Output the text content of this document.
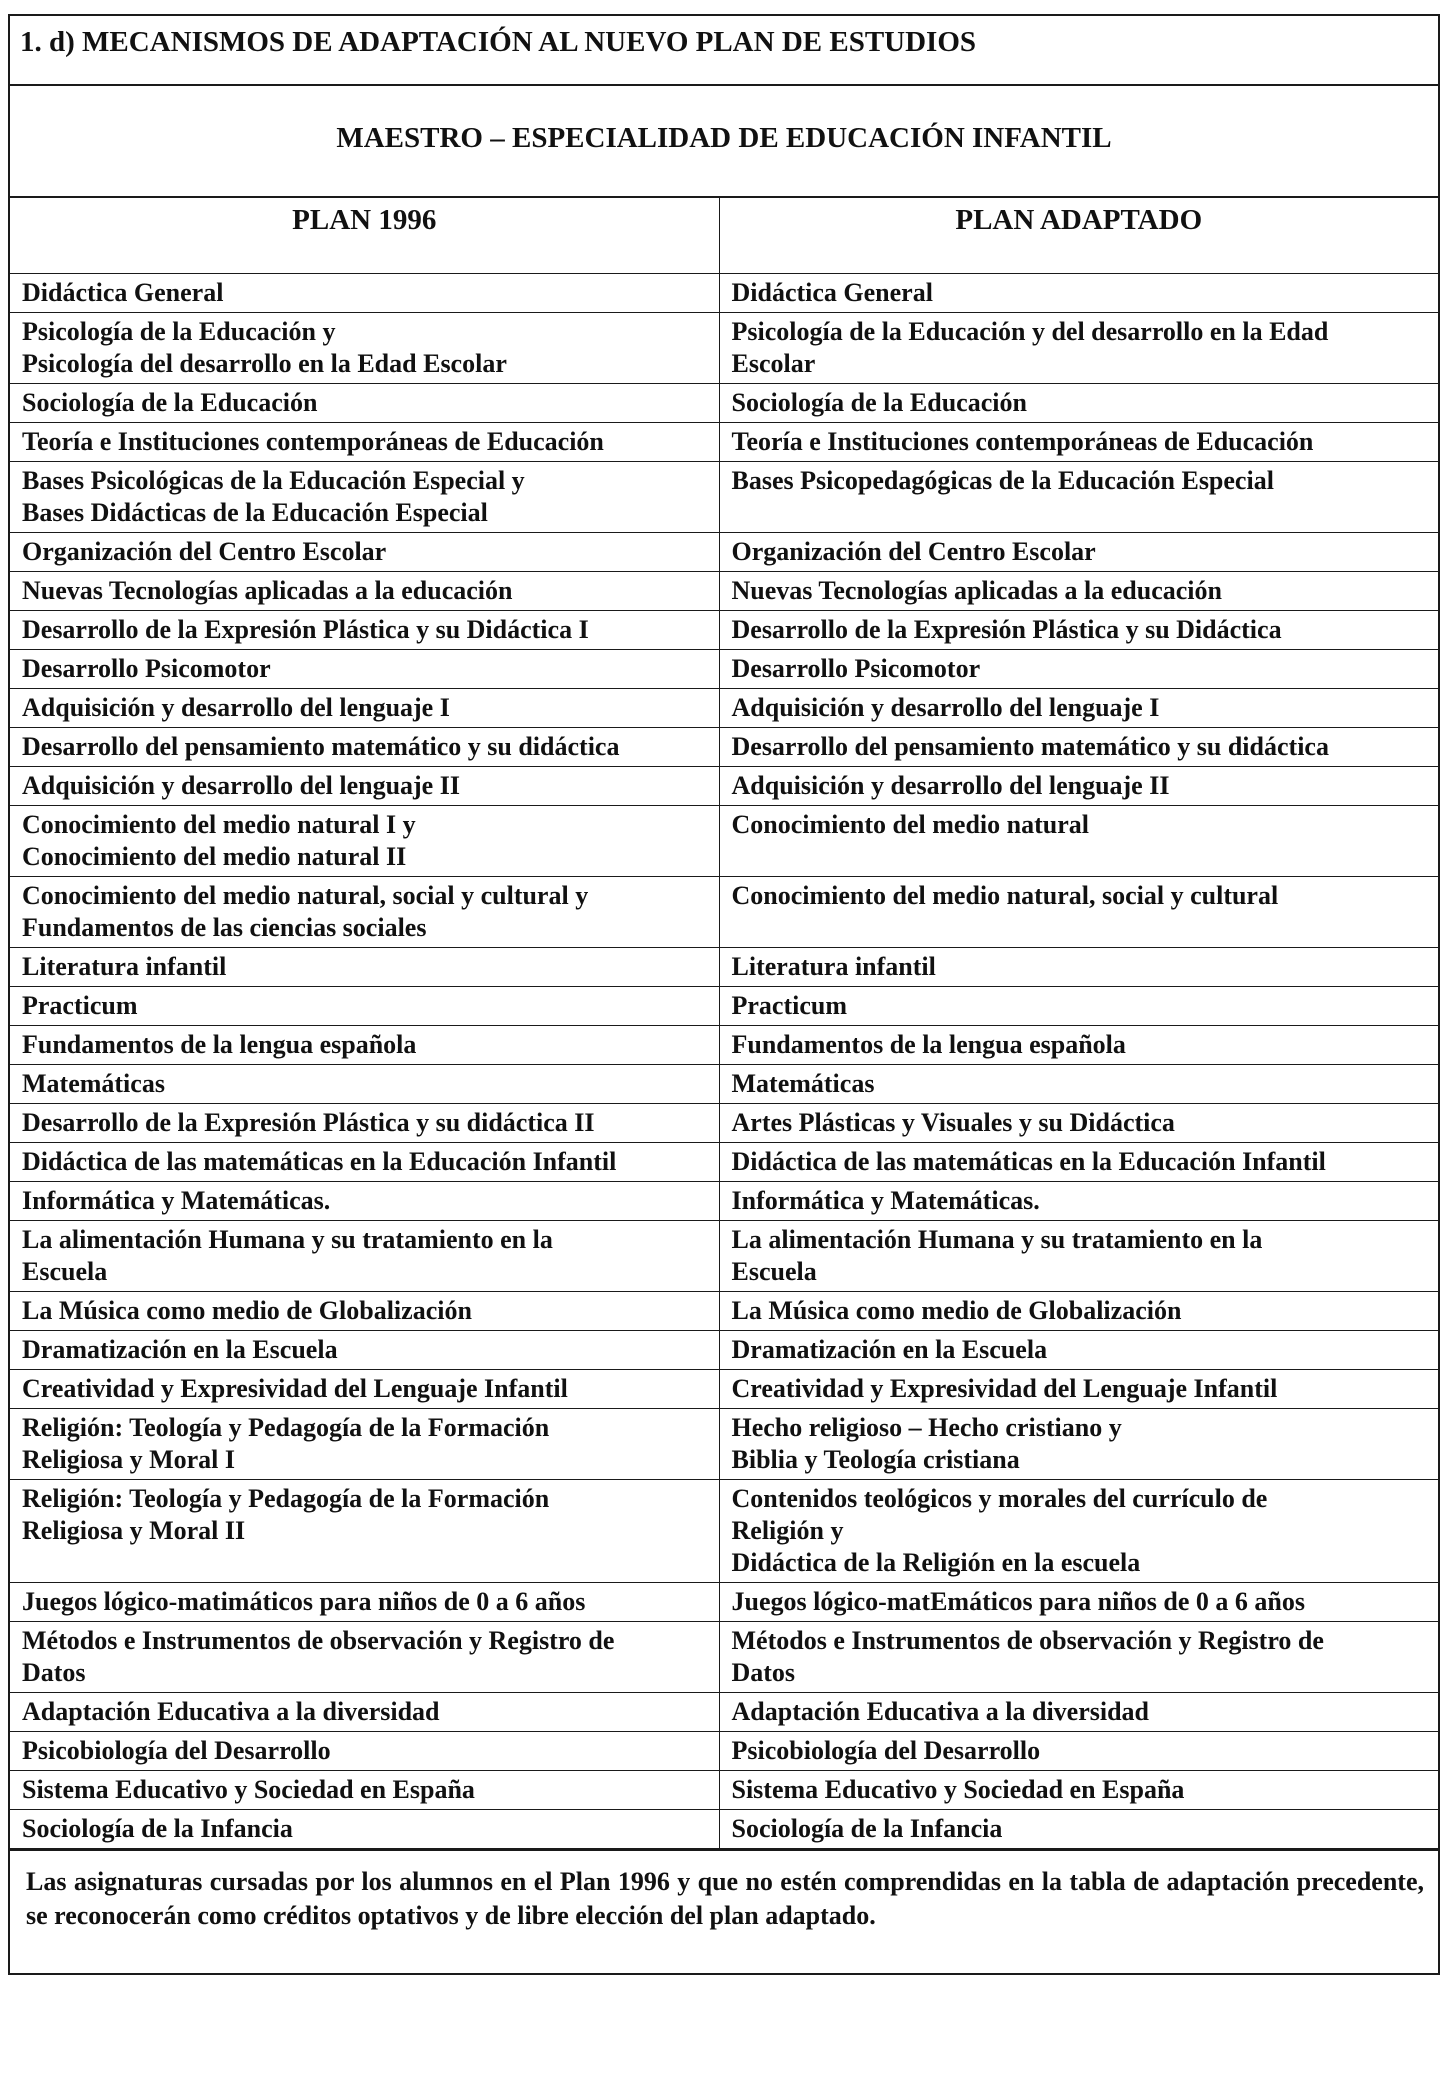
1. d) MECANISMOS DE ADAPTACIÓN AL NUEVO PLAN DE ESTUDIOS
MAESTRO – ESPECIALIDAD DE EDUCACIÓN INFANTIL
PLAN 1996	PLAN ADAPTADO

Didáctica General	Didáctica General

Psicología de la Educación y
Psicología del desarrollo en la Edad Escolar	Psicología de la Educación y del desarrollo en la Edad
Escolar

Sociología de la Educación	Sociología de la Educación

Teoría e Instituciones contemporáneas de Educación	Teoría e Instituciones contemporáneas de Educación

Bases Psicológicas de la Educación Especial y
Bases Didácticas de la Educación Especial	Bases Psicopedagógicas de la Educación Especial

Organización del Centro Escolar	Organización del Centro Escolar

Nuevas Tecnologías aplicadas a la educación	Nuevas Tecnologías aplicadas a la educación

Desarrollo de la Expresión Plástica y su Didáctica I	Desarrollo de la Expresión Plástica y su Didáctica

Desarrollo Psicomotor	Desarrollo Psicomotor

Adquisición y desarrollo del lenguaje I	Adquisición y desarrollo del lenguaje I

Desarrollo del pensamiento matemático y su didáctica	Desarrollo del pensamiento matemático y su didáctica

Adquisición y desarrollo del lenguaje II	Adquisición y desarrollo del lenguaje II

Conocimiento del medio natural I y
Conocimiento del medio natural II	Conocimiento del medio natural

Conocimiento del medio natural, social y cultural y
Fundamentos de las ciencias sociales	Conocimiento del medio natural, social y cultural

Literatura infantil	Literatura infantil

Practicum	Practicum

Fundamentos de la lengua española	Fundamentos de la lengua española

Matemáticas	Matemáticas

Desarrollo de la Expresión Plástica y su didáctica II	Artes Plásticas y Visuales y su Didáctica

Didáctica de las matemáticas en la Educación Infantil	Didáctica de las matemáticas en la Educación Infantil

Informática y Matemáticas.	Informática y Matemáticas.

La alimentación Humana y su tratamiento en la
Escuela	La alimentación Humana y su tratamiento en la
Escuela

La Música como medio de Globalización	La Música como medio de Globalización

Dramatización en la Escuela	Dramatización en la Escuela

Creatividad y Expresividad del Lenguaje Infantil	Creatividad y Expresividad del Lenguaje Infantil

Religión: Teología y Pedagogía de la Formación
Religiosa y Moral I	Hecho religioso – Hecho cristiano y
Biblia y Teología cristiana

Religión: Teología y Pedagogía de la Formación
Religiosa y Moral II	Contenidos teológicos y morales del currículo de
Religión y
Didáctica de la Religión en la escuela

Juegos lógico-matimáticos para niños de 0 a 6 años	Juegos lógico-matEmáticos para niños de 0 a 6 años

Métodos e Instrumentos de observación y Registro de
Datos	Métodos e Instrumentos de observación y Registro de
Datos

Adaptación Educativa a la diversidad	Adaptación Educativa a la diversidad

Psicobiología del Desarrollo	Psicobiología del Desarrollo

Sistema Educativo y Sociedad en España	Sistema Educativo y Sociedad en España

Sociología de la Infancia	Sociología de la Infancia
Las asignaturas cursadas por los alumnos en el Plan 1996 y que no estén comprendidas en la tabla de adaptación precedente, se reconocerán como créditos optativos y de libre elección del plan adaptado.
